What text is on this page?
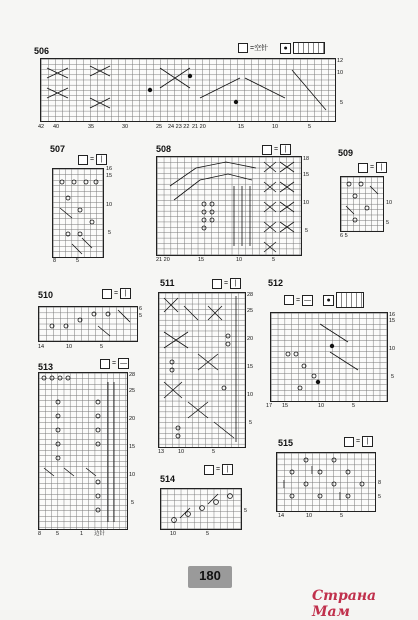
506	=空针	●
12
10
5
42 40	35	30	25 24 23 22 21 20	15	10	5
507
= |
16
15
10
5
8	5
508	= |
18
15
10
5
21 20	15	10	5
509
= |
10
5
6 5
510	= |
6
5
14	10	5
511	= |
28
25
20
15
10
5
13	10	5
512
= —	●
16
15
10
5
17 15	10	5
513	= —
28
25
20
15
10
5
8	5	1 边针
514
= |
5
10	5
515	= |
8
5
14	10	5
180
Страна Мам
